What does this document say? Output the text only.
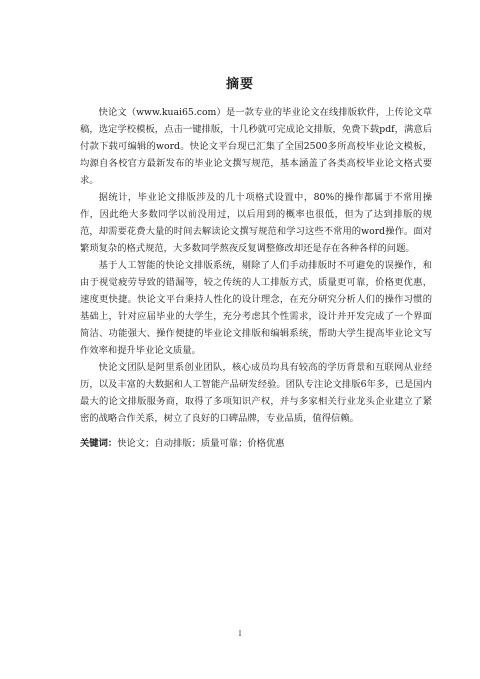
摘要

快论文（www.kuai65.com）是一款专业的毕业论文在线排版软件，上传论文草稿，选定学校模板，点击一键排版，十几秒就可完成论文排版，免费下载pdf，满意后付款下载可编辑的word。快论文平台现已汇集了全国2500多所高校毕业论文模板，均源自各校官方最新发布的毕业论文撰写规范，基本涵盖了各类高校毕业论文格式要求。

据统计，毕业论文排版涉及的几十项格式设置中，80%的操作都属于不常用操作，因此绝大多数同学以前没用过，以后用到的概率也很低，但为了达到排版的规范，却需要花费大量的时间去解读论文撰写规范和学习这些不常用的word操作。面对繁琐复杂的格式规范，大多数同学熬夜反复调整修改却还是存在各种各样的问题。

基于人工智能的快论文排版系统，剔除了人们手动排版时不可避免的误操作，和由于视觉疲劳导致的错漏等，较之传统的人工排版方式，质量更可靠，价格更优惠，速度更快捷。快论文平台秉持人性化的设计理念，在充分研究分析人们的操作习惯的基础上，针对应届毕业的大学生，充分考虑其个性需求，设计并开发完成了一个界面简洁、功能强大、操作便捷的毕业论文排版和编辑系统，帮助大学生提高毕业论文写作效率和提升毕业论文质量。

快论文团队是阿里系创业团队，核心成员均具有较高的学历背景和互联网从业经历，以及丰富的大数据和人工智能产品研发经验。团队专注论文排版6年多，已是国内最大的论文排版服务商，取得了多项知识产权，并与多家相关行业龙头企业建立了紧密的战略合作关系，树立了良好的口碑品牌，专业品质，值得信赖。

关键词：快论文；自动排版；质量可靠；价格优惠

I
